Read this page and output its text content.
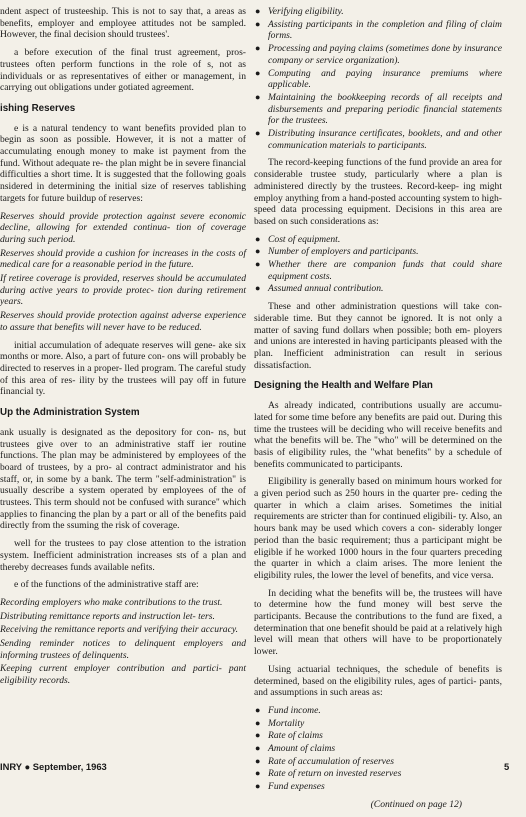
ndent aspect of trusteeship. This is not to say that, a areas as benefits, employer and employee attitudes not be sampled. However, the final decision should trustees'.

a before execution of the final trust agreement, pros- trustees often perform functions in the role of s, not as individuals or as representatives of either or management, in carrying out obligations under gotiated agreement.

ishing Reserves

e is a natural tendency to want benefits provided plan to begin as soon as possible. However, it is not a matter of accumulating enough money to make ist payment from the fund. Without adequate re- the plan might be in severe financial difficulties a short time. It is suggested that the following goals nsidered in determining the initial size of reserves tablishing targets for future buildup of reserves:

Reserves should provide protection against severe economic decline, allowing for extended continua- tion of coverage during such period.
Reserves should provide a cushion for increases in the costs of medical care for a reasonable period in the future.
If retiree coverage is provided, reserves should be accumulated during active years to provide protec- tion during retirement years.
Reserves should provide protection against adverse experience to assure that benefits will never have to be reduced.

initial accumulation of adequate reserves will gene- ake six months or more. Also, a part of future con- ons will probably be directed to reserves in a proper- lled program. The careful study of this area of res- ility by the trustees will pay off in future financial ty.

Up the Administration System

ank usually is designated as the depository for con- ns, but trustees give over to an administrative staff ier routine functions. The plan may be administered by employees of the board of trustees, by a pro- al contract administrator and his staff, or, in some by a bank. The term "self-administration" is usually describe a system operated by employees of the of trustees. This term should not be confused with surance" which applies to financing the plan by a part or all of the benefits paid directly from the ssuming the risk of coverage.

well for the trustees to pay close attention to the istration system. Inefficient administration increases sts of a plan and thereby decreases funds available nefits.

e of the functions of the administrative staff are:

Recording employers who make contributions to the trust.
Distributing remittance reports and instruction let- ters.
Receiving the remittance reports and verifying their accuracy.
Sending reminder notices to delinquent employers and informing trustees of delinquents.
Keeping current employer contribution and partici- pant eligibility records.
● Verifying eligibility.
● Assisting participants in the completion and filing of claim forms.
● Processing and paying claims (sometimes done by insurance company or service organization).
● Computing and paying insurance premiums where applicable.
● Maintaining the bookkeeping records of all receipts and disbursements and preparing periodic financial statements for the trustees.
● Distributing insurance certificates, booklets, and and other communication materials to participants.

The record-keeping functions of the fund provide an area for considerable trustee study, particularly where a plan is administered directly by the trustees. Record-keep- ing might employ anything from a hand-posted accounting system to high-speed data processing equipment. Decisions in this area are based on such considerations as:

● Cost of equipment.
● Number of employers and participants.
● Whether there are companion funds that could share equipment costs.
● Assumed annual contribution.

These and other administration questions will take con- siderable time. But they cannot be ignored. It is not only a matter of saving fund dollars when possible; both em- ployers and unions are interested in having participants pleased with the plan. Inefficient administration can result in serious dissatisfaction.

Designing the Health and Welfare Plan

As already indicated, contributions usually are accumu- lated for some time before any benefits are paid out. During this time the trustees will be deciding who will receive benefits and what the benefits will be. The "who" will be determined on the basis of eligibility rules, the "what benefits" by a schedule of benefits communicated to participants.

Eligibility is generally based on minimum hours worked for a given period such as 250 hours in the quarter pre- ceding the quarter in which a claim arises. Sometimes the initial requirements are stricter than for continued eligibili- ty. Also, an hours bank may be used which covers a con- siderably longer period than the basic requirement; thus a participant might be eligible if he worked 1000 hours in the four quarters preceding the quarter in which a claim arises. The more lenient the eligibility rules, the lower the level of benefits, and vice versa.

In deciding what the benefits will be, the trustees will have to determine how the fund money will best serve the participants. Because the contributions to the fund are fixed, a determination that one benefit should be paid at a relatively high level will mean that others will have to be proportionately lower.

Using actuarial techniques, the schedule of benefits is determined, based on the eligibility rules, ages of partici- pants, and assumptions in such areas as:

● Fund income.
● Mortality
● Rate of claims
● Amount of claims
● Rate of accumulation of reserves
● Rate of return on invested reserves
● Fund expenses

(Continued on page 12)

INRY ● September, 1963	5
